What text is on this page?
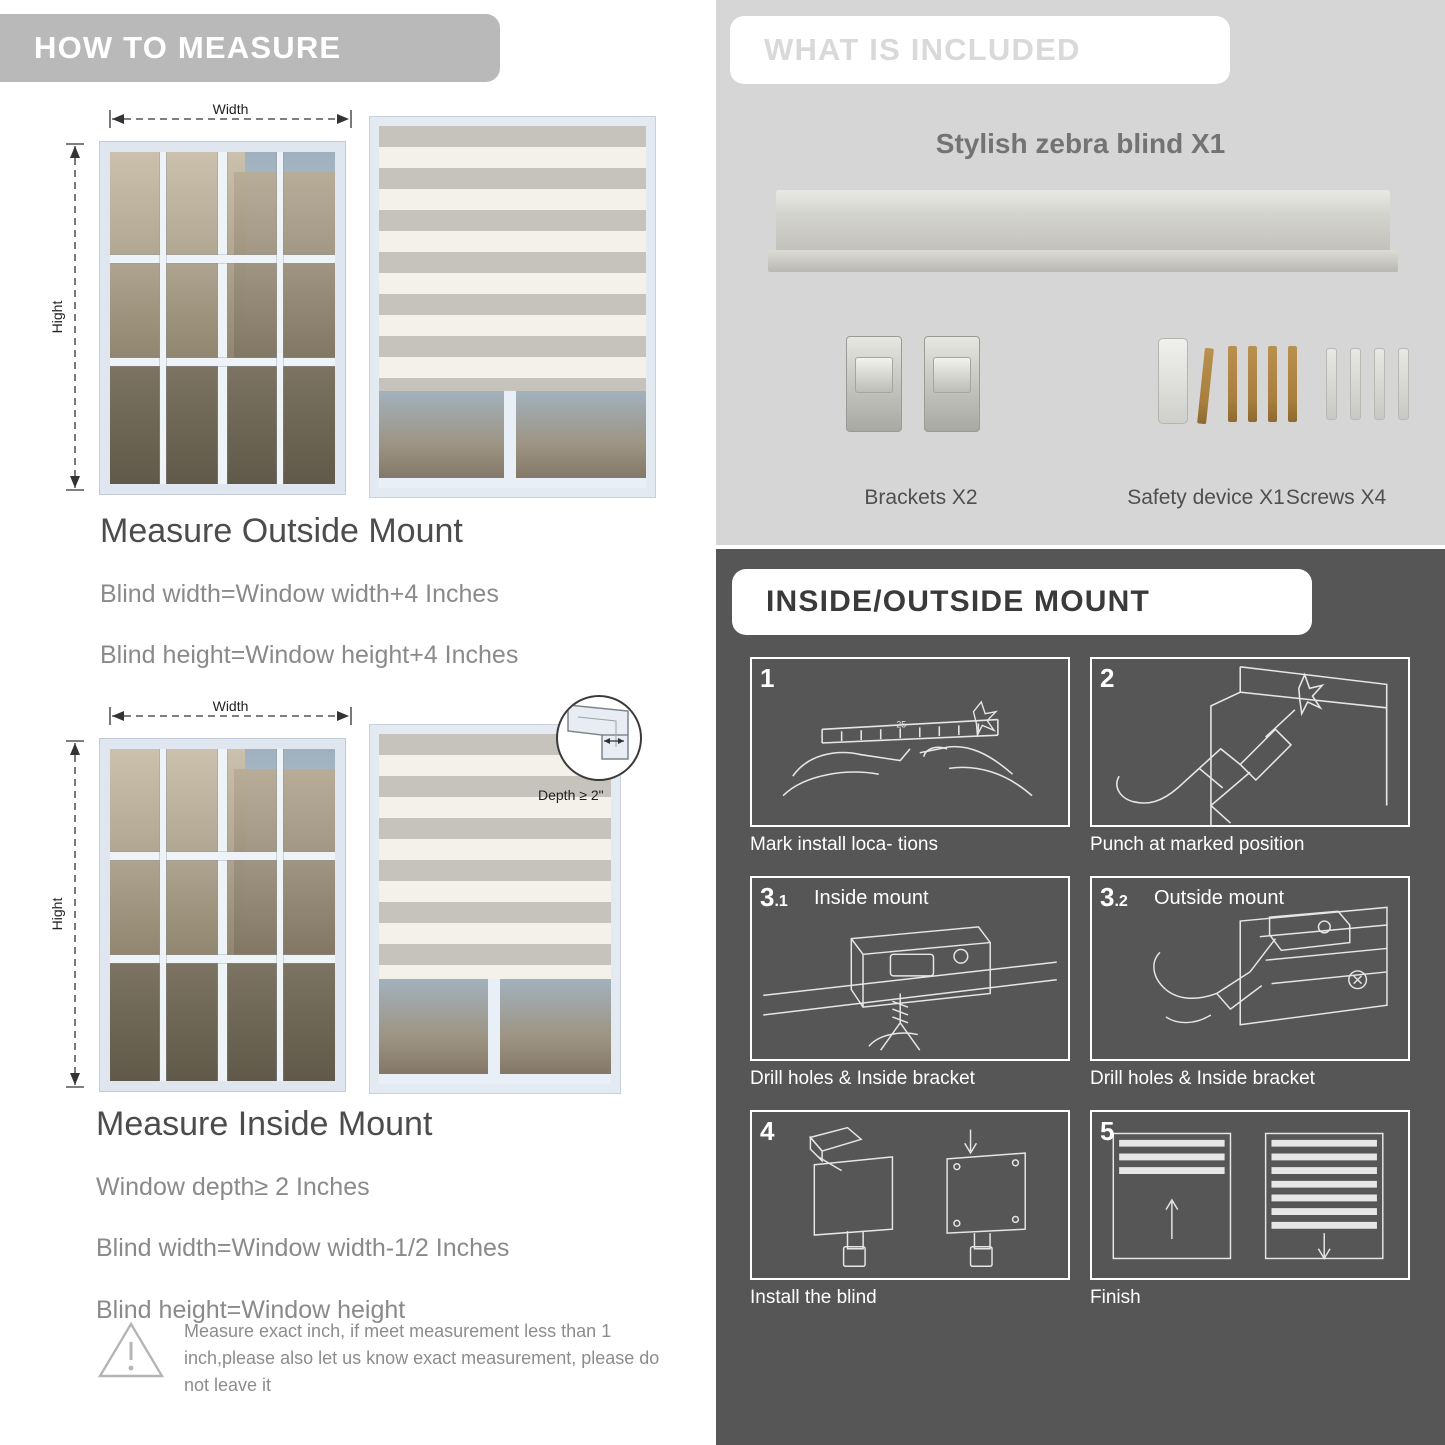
HOW TO MEASURE
Width
Hight

Measure Outside Mount

Blind width=Window width+4 Inches

Blind height=Window height+4 Inches

Width
Hight
Depth ≥ 2"

Measure Inside Mount

Window depth≥ 2 Inches

Blind width=Window width-1/2 Inches

Blind height=Window height

Measure exact inch, if meet measurement less than 1 inch,please also let us know exact measurement, please do not leave it
WHAT IS INCLUDED
Stylish zebra blind X1
Brackets X2	Safety device X1 Screws X4
INSIDE/OUTSIDE MOUNT
1
25
Mark install loca- tions
2
Punch at marked position
3.1 Inside mount
Drill holes & Inside bracket
3.2 Outside mount
Drill holes & Inside bracket
4
Install the blind
5
Finish
